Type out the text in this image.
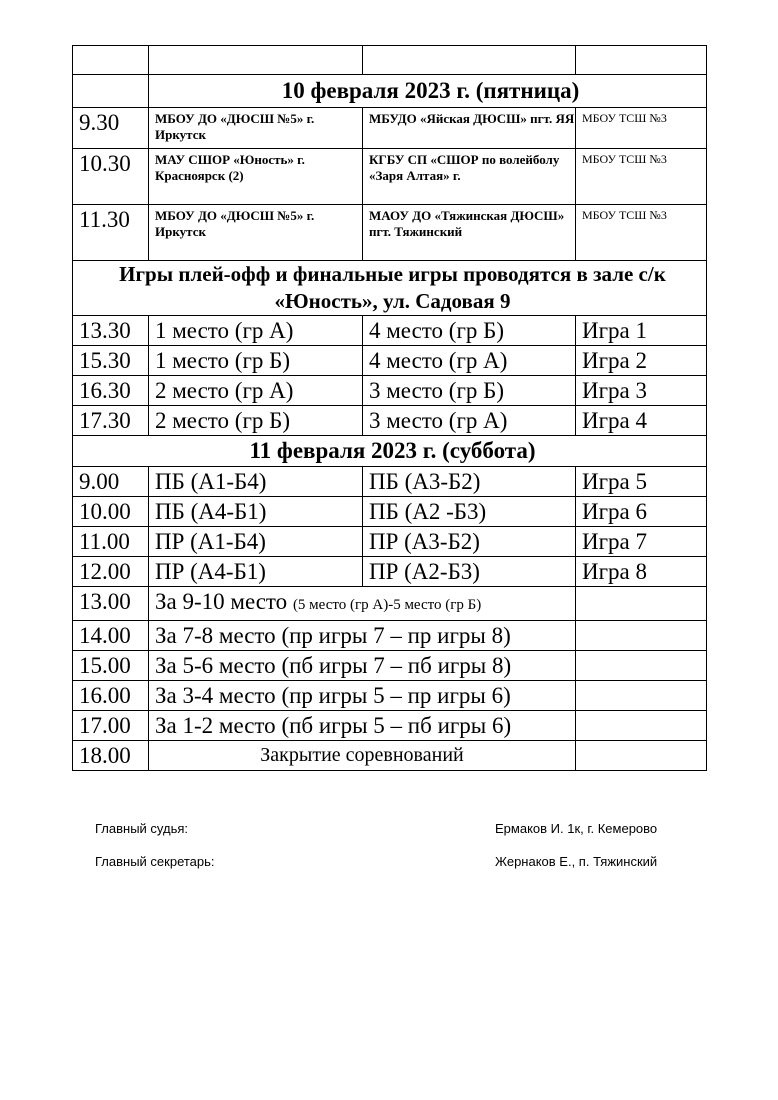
	10 февраля 2023 г. (пятница)		
9.30	МБОУ ДО «ДЮСШ №5» г. Иркутск	МБУДО «Яйская ДЮСШ» пгт. ЯЯ	МБОУ ТСШ №3
10.30	МАУ СШОР «Юность» г. Красноярск (2)	КГБУ СП «СШОР по волейболу «Заря Алтая» г.	МБОУ ТСШ №3
11.30	МБОУ ДО «ДЮСШ №5» г. Иркутск	МАОУ ДО «Тяжинская ДЮСШ» пгт. Тяжинский	МБОУ ТСШ №3
Игры плей-офф и финальные игры проводятся в зале с/к «Юность», ул. Садовая 9			
13.30	1 место (гр А)	4 место (гр Б)	Игра 1
15.30	1 место (гр Б)	4 место (гр А)	Игра 2
16.30	2 место (гр А)	3 место (гр Б)	Игра 3
17.30	2 место (гр Б)	3 место (гр А)	Игра 4
11 февраля 2023 г. (суббота)			
9.00	ПБ (А1-Б4)	ПБ (А3-Б2)	Игра 5
10.00	ПБ (А4-Б1)	ПБ (А2 -Б3)	Игра 6
11.00	ПР (А1-Б4)	ПР (А3-Б2)	Игра 7
12.00	ПР (А4-Б1)	ПР (А2-Б3)	Игра 8
13.00	За 9-10 место (5 место (гр А)-5 место (гр Б)		
14.00	За 7-8 место (пр игры 7 – пр игры 8)		
15.00	За 5-6 место (пб игры 7 – пб игры 8)		
16.00	За 3-4 место (пр игры 5 – пр игры 6)		
17.00	За 1-2 место (пб игры 5 – пб игры 6)		
18.00	Закрытие соревнований		
Главный судья:	Ермаков И. 1к, г. Кемерово
Главный секретарь:	Жернаков Е., п. Тяжинский
